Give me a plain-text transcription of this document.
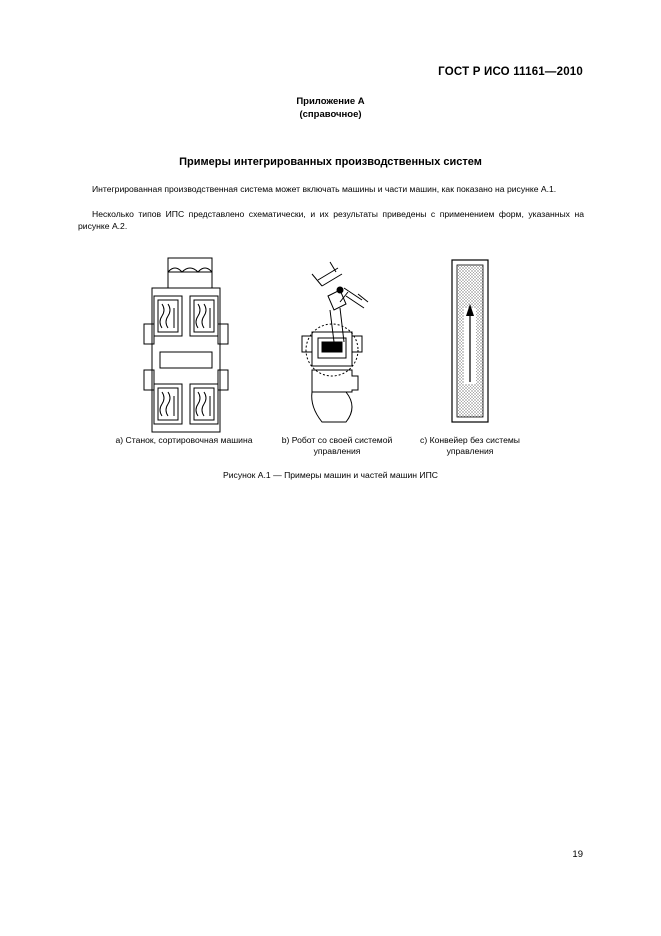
ГОСТ Р ИСО 11161—2010
Приложение А
(справочное)
Примеры интегрированных производственных систем
Интегрированная производственная система может включать машины и части машин, как показано на рисунке А.1.
Несколько типов ИПС представлено схематически, и их результаты приведены с применением форм, указанных на рисунке А.2.
а) Станок, сортировочная машина	b) Робот со своей системой
управления
с) Конвейер без системы
управления
Рисунок А.1 — Примеры машин и частей машин ИПС
19
